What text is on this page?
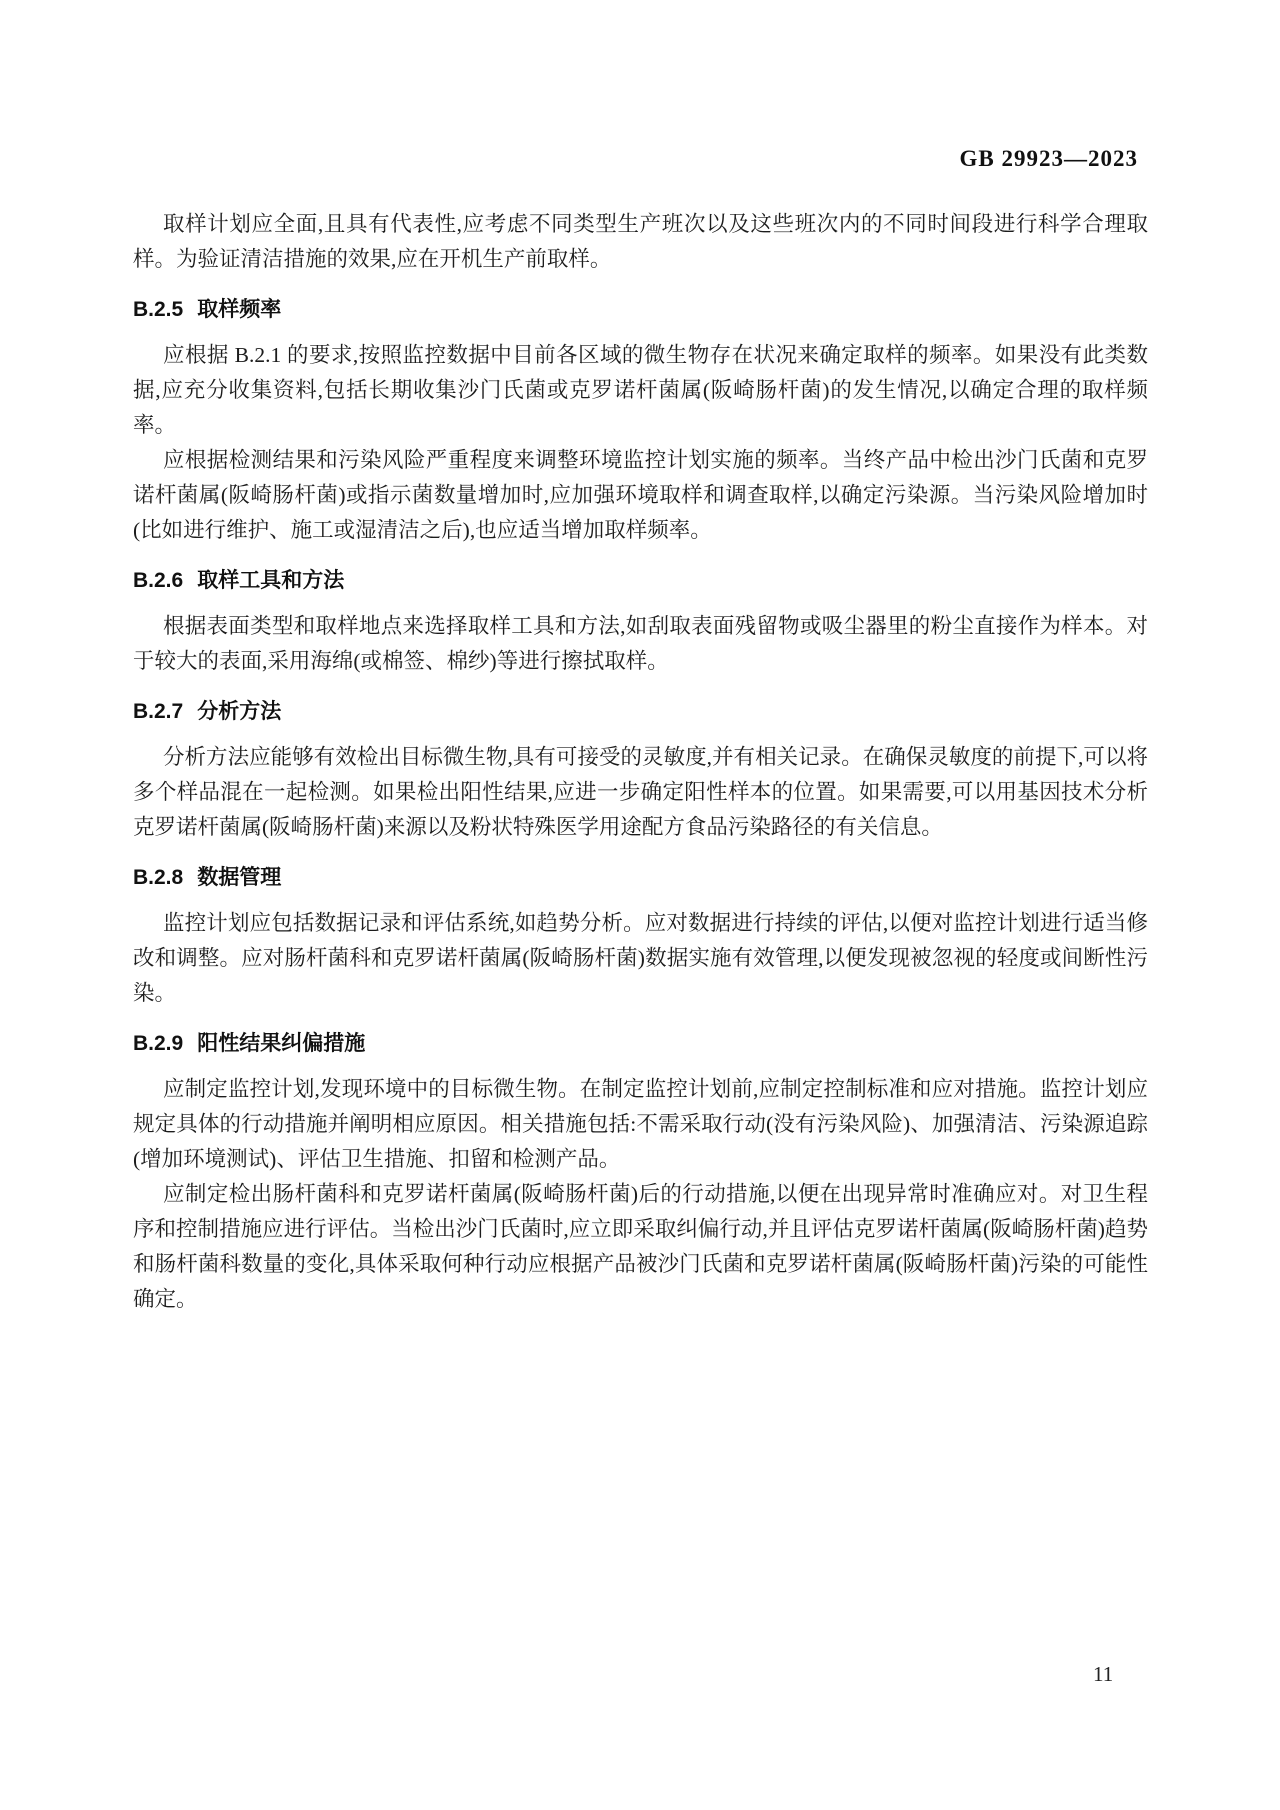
GB 29923—2023

取样计划应全面,且具有代表性,应考虑不同类型生产班次以及这些班次内的不同时间段进行科学合理取样。为验证清洁措施的效果,应在开机生产前取样。

B.2.5 取样频率

应根据 B.2.1 的要求,按照监控数据中目前各区域的微生物存在状况来确定取样的频率。如果没有此类数据,应充分收集资料,包括长期收集沙门氏菌或克罗诺杆菌属(阪崎肠杆菌)的发生情况,以确定合理的取样频率。

应根据检测结果和污染风险严重程度来调整环境监控计划实施的频率。当终产品中检出沙门氏菌和克罗诺杆菌属(阪崎肠杆菌)或指示菌数量增加时,应加强环境取样和调查取样,以确定污染源。当污染风险增加时(比如进行维护、施工或湿清洁之后),也应适当增加取样频率。

B.2.6 取样工具和方法

根据表面类型和取样地点来选择取样工具和方法,如刮取表面残留物或吸尘器里的粉尘直接作为样本。对于较大的表面,采用海绵(或棉签、棉纱)等进行擦拭取样。

B.2.7 分析方法

分析方法应能够有效检出目标微生物,具有可接受的灵敏度,并有相关记录。在确保灵敏度的前提下,可以将多个样品混在一起检测。如果检出阳性结果,应进一步确定阳性样本的位置。如果需要,可以用基因技术分析克罗诺杆菌属(阪崎肠杆菌)来源以及粉状特殊医学用途配方食品污染路径的有关信息。

B.2.8 数据管理

监控计划应包括数据记录和评估系统,如趋势分析。应对数据进行持续的评估,以便对监控计划进行适当修改和调整。应对肠杆菌科和克罗诺杆菌属(阪崎肠杆菌)数据实施有效管理,以便发现被忽视的轻度或间断性污染。

B.2.9 阳性结果纠偏措施

应制定监控计划,发现环境中的目标微生物。在制定监控计划前,应制定控制标准和应对措施。监控计划应规定具体的行动措施并阐明相应原因。相关措施包括:不需采取行动(没有污染风险)、加强清洁、污染源追踪(增加环境测试)、评估卫生措施、扣留和检测产品。

应制定检出肠杆菌科和克罗诺杆菌属(阪崎肠杆菌)后的行动措施,以便在出现异常时准确应对。对卫生程序和控制措施应进行评估。当检出沙门氏菌时,应立即采取纠偏行动,并且评估克罗诺杆菌属(阪崎肠杆菌)趋势和肠杆菌科数量的变化,具体采取何种行动应根据产品被沙门氏菌和克罗诺杆菌属(阪崎肠杆菌)污染的可能性确定。

11
